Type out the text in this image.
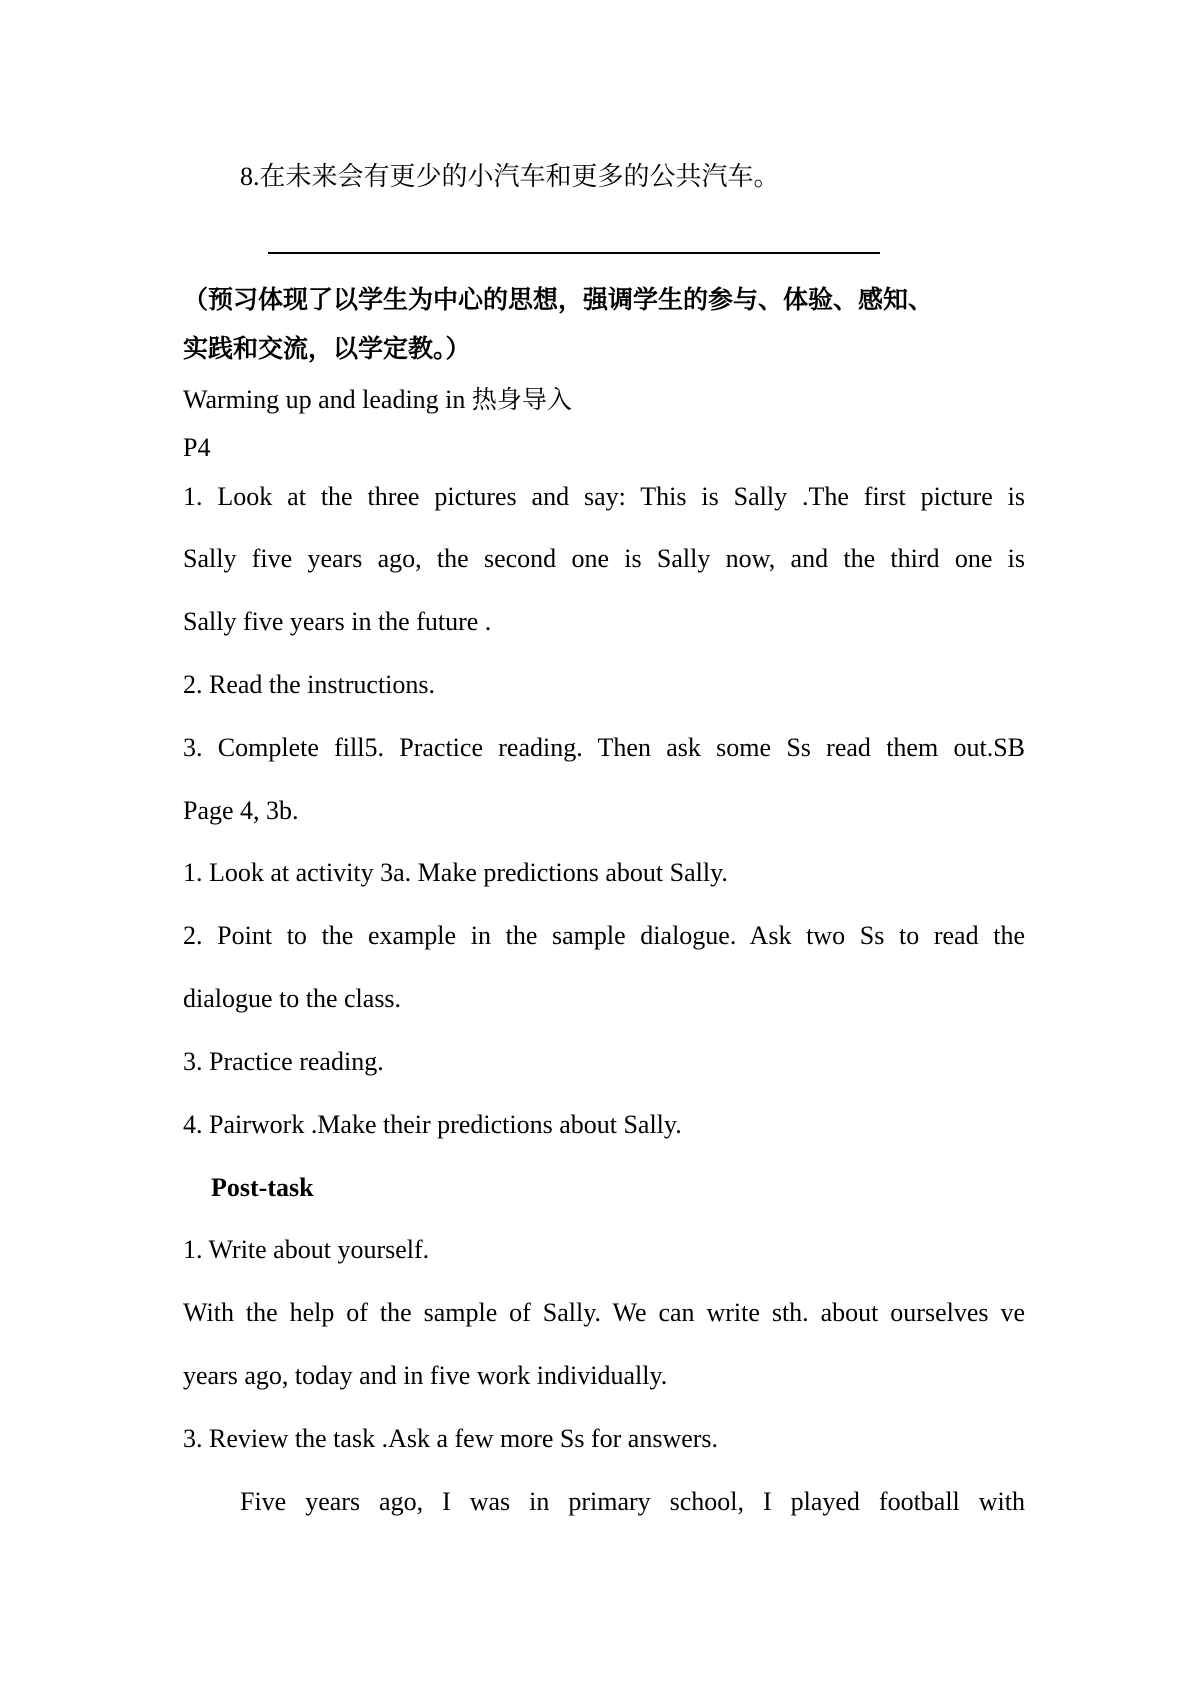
8.在未来会有更少的小汽车和更多的公共汽车。
（预习体现了以学生为中心的思想，强调学生的参与、体验、感知、
实践和交流，以学定教。）
Warming up and leading in 热身导入
P4
1. Look at the three pictures and say: This is Sally .The first picture is
Sally five years ago, the second one is Sally now, and the third one is
Sally five years in the future .
2. Read the instructions.
3. Complete fill5. Practice reading. Then ask some Ss read them out.SB
Page 4, 3b.
1. Look at activity 3a. Make predictions about Sally.
2. Point to the example in the sample dialogue. Ask two Ss to read the
dialogue to the class.
3. Practice reading.
4. Pairwork .Make their predictions about Sally.
Post-task
1. Write about yourself.
With the help of the sample of Sally. We can write sth. about ourselves ve
years ago, today and in five work individually.
3. Review the task .Ask a few more Ss for answers.
Five years ago, I was in primary school, I played football with
